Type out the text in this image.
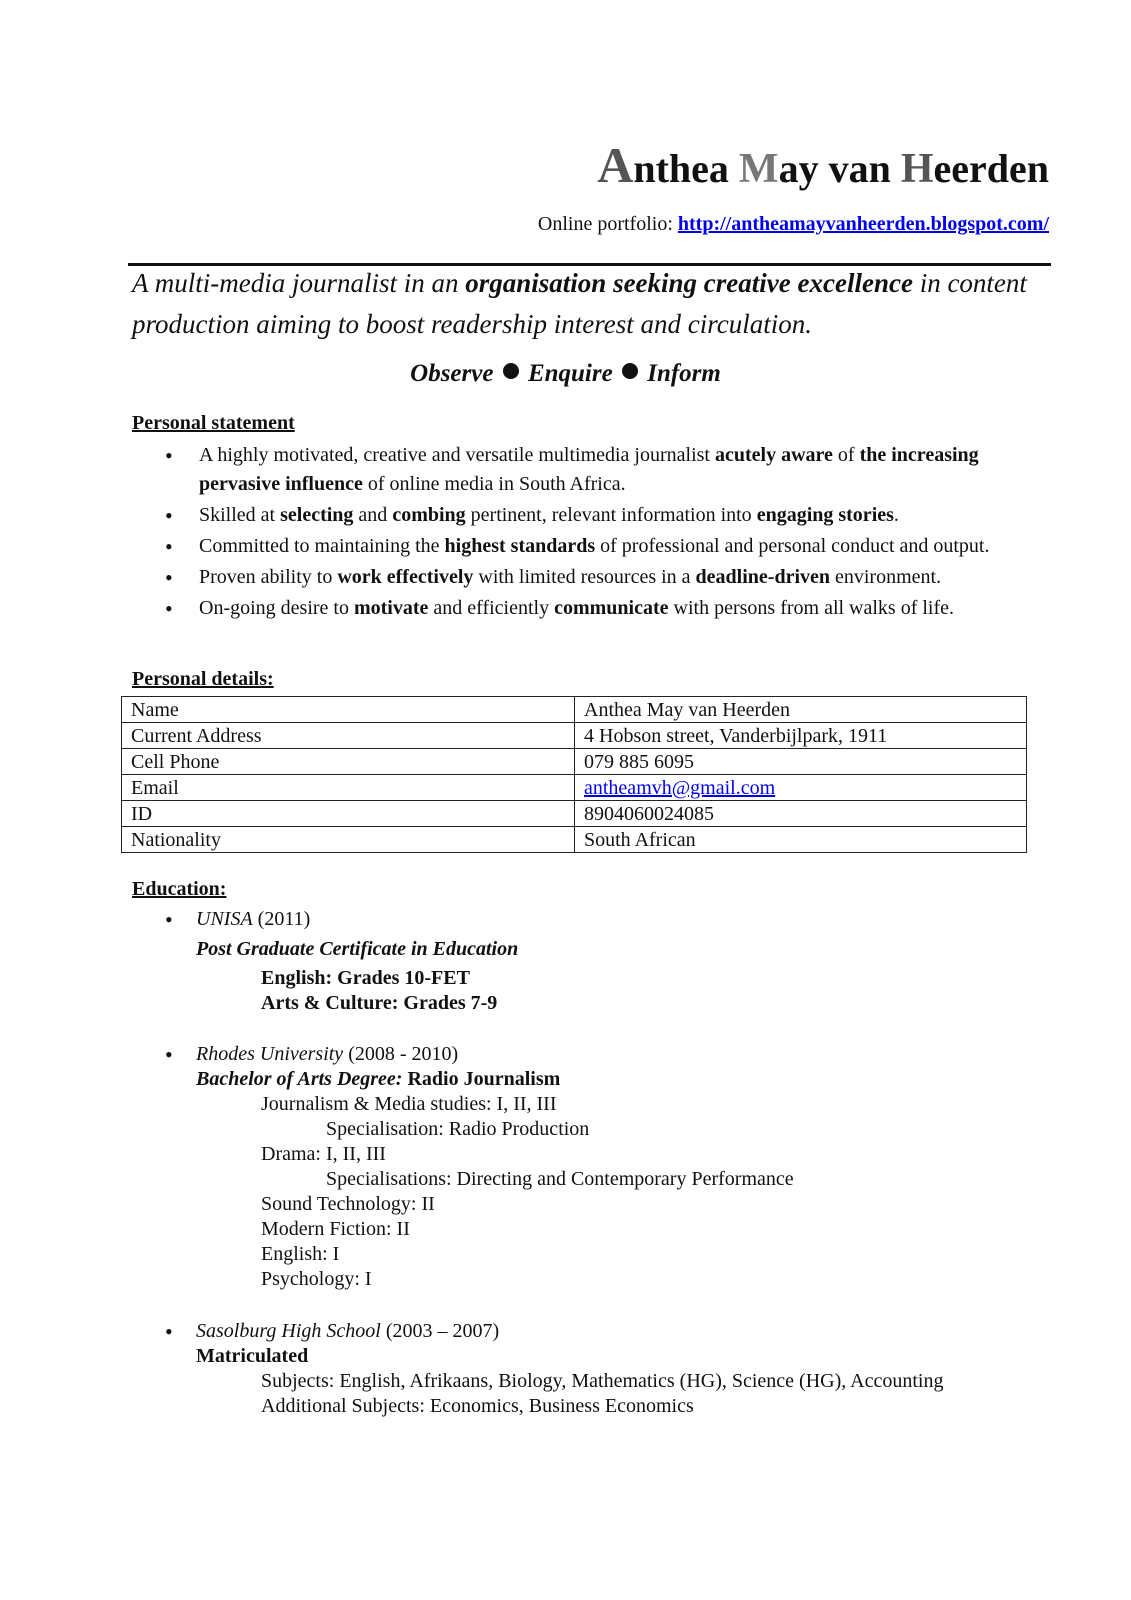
Anthea May van Heerden
Online portfolio: http://antheamayvanheerden.blogspot.com/
A multi-media journalist in an organisation seeking creative excellence in content production aiming to boost readership interest and circulation.
Observe Enquire Inform
Personal statement
• A highly motivated, creative and versatile multimedia journalist acutely aware of the increasing pervasive influence of online media in South Africa.
• Skilled at selecting and combing pertinent, relevant information into engaging stories.
• Committed to maintaining the highest standards of professional and personal conduct and output.
• Proven ability to work effectively with limited resources in a deadline-driven environment.
• On-going desire to motivate and efficiently communicate with persons from all walks of life.
Personal details:
Name	Anthea May van Heerden
Current Address	4 Hobson street, Vanderbijlpark, 1911
Cell Phone	079 885 6095
Email	antheamvh@gmail.com
ID	8904060024085
Nationality	South African
Education:
• UNISA (2011)
Post Graduate Certificate in Education
English: Grades 10-FET
Arts & Culture: Grades 7-9
• Rhodes University (2008 - 2010)
Bachelor of Arts Degree: Radio Journalism
Journalism & Media studies: I, II, III
Specialisation: Radio Production
Drama: I, II, III
Specialisations: Directing and Contemporary Performance
Sound Technology: II
Modern Fiction: II
English: I
Psychology: I
• Sasolburg High School (2003 – 2007)
Matriculated
Subjects: English, Afrikaans, Biology, Mathematics (HG), Science (HG), Accounting
Additional Subjects: Economics, Business Economics
